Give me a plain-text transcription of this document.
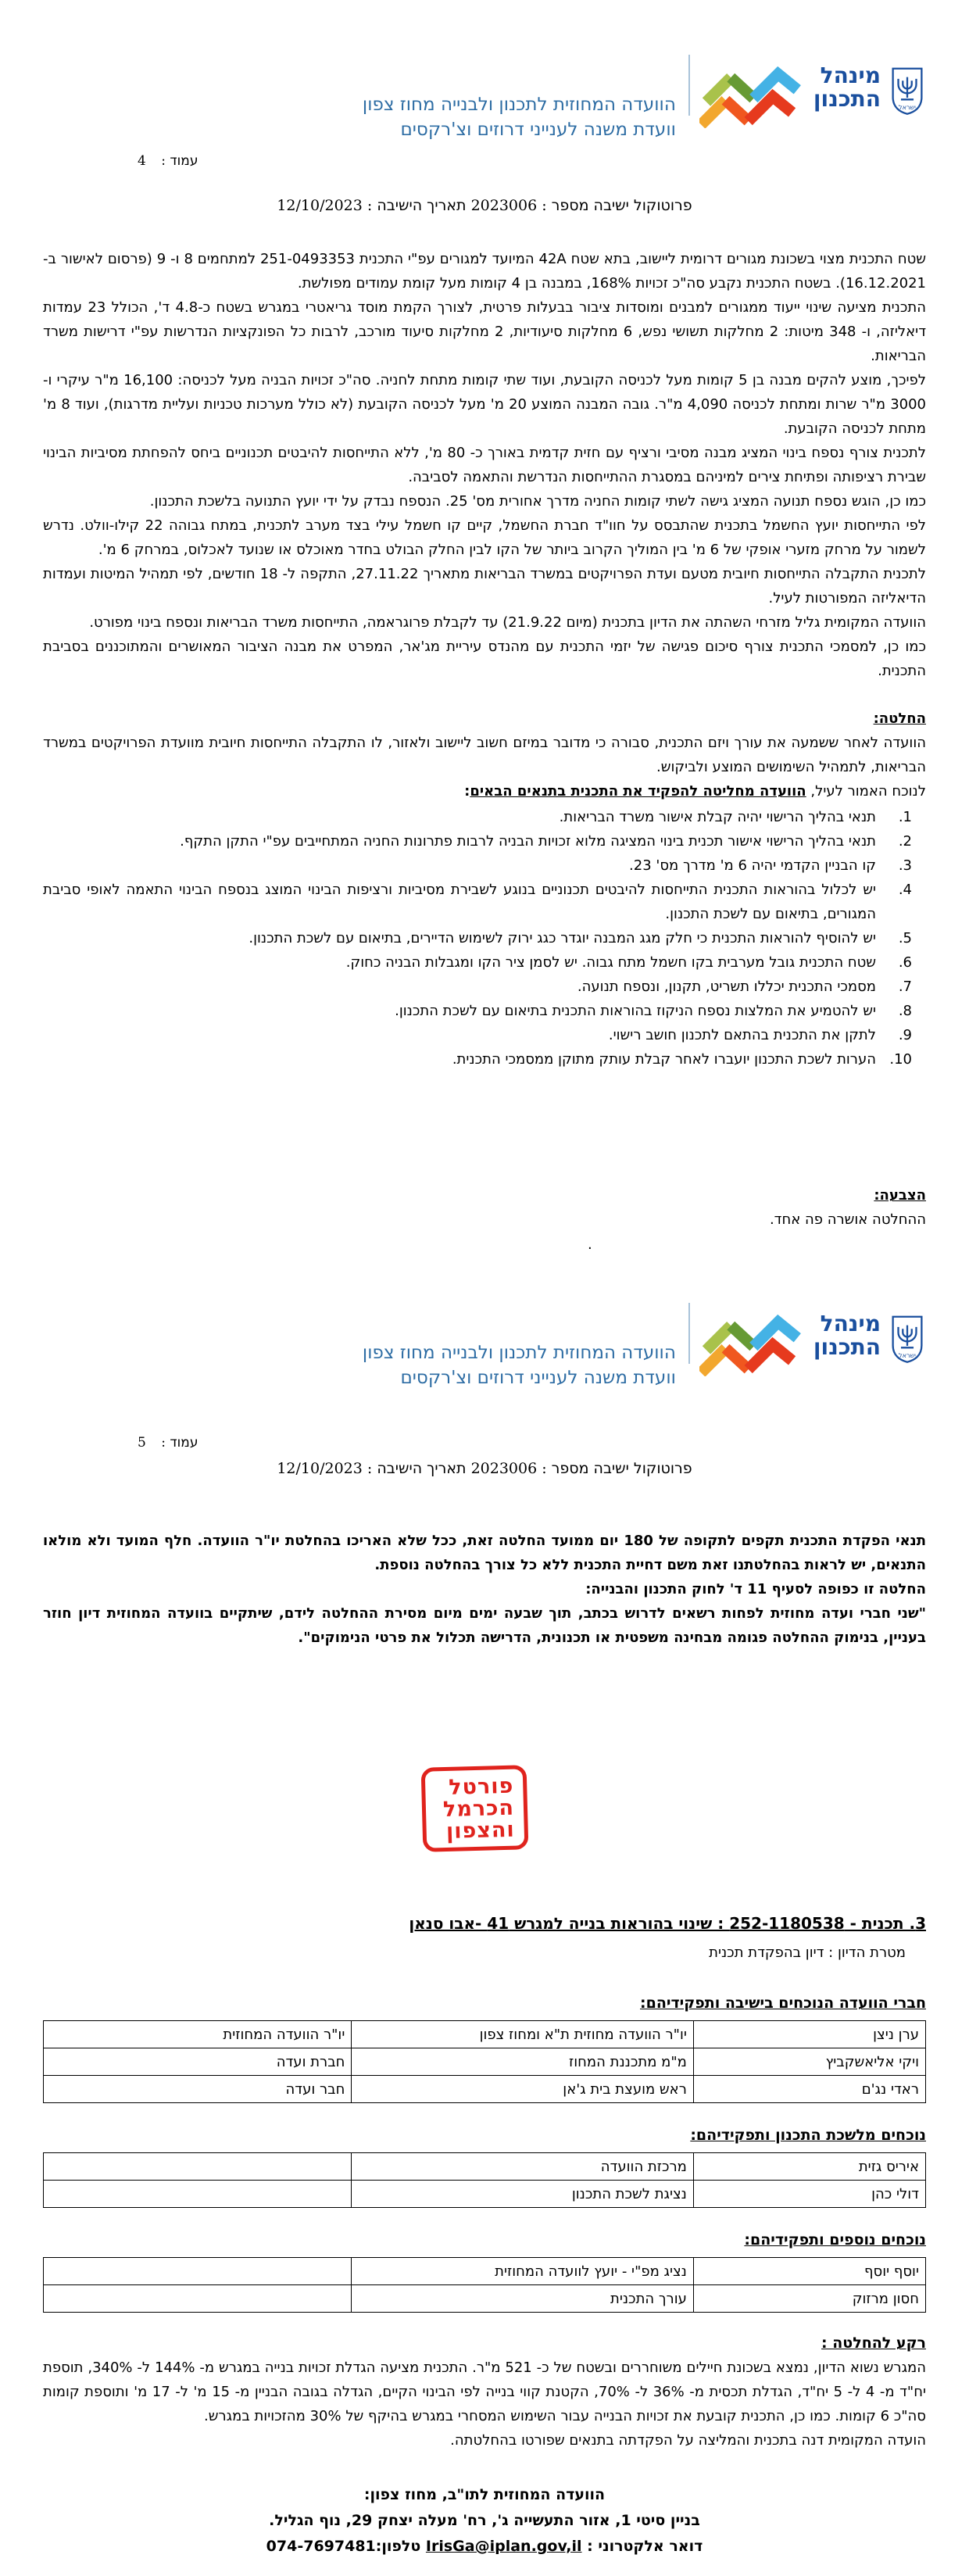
ישראל
מינהל
התכנון
הוועדה המחוזית לתכנון ולבנייה מחוז צפון
וועדת משנה לענייני דרוזים וצ'רקסים
עמוד : 4
פרוטוקול ישיבה מספר : 2023006 תאריך הישיבה : 12/10/2023

שטח התכנית מצוי בשכונת מגורים דרומית ליישוב, בתא שטח 42A המיועד למגורים עפ"י התכנית 251-0493353 למתחמים 8 ו- 9 (פרסום לאישור ב- 16.12.2021). בשטח התכנית נקבע סה"כ זכויות 168%, במבנה בן 4 קומות מעל קומת עמודים מפולשת.

התכנית מציעה שינוי ייעוד ממגורים למבנים ומוסדות ציבור בבעלות פרטית, לצורך הקמת מוסד גריאטרי במגרש בשטח כ-4.8 ד', הכולל 23 עמדות דיאליזה, ו- 348 מיטות: 2 מחלקות תשושי נפש, 6 מחלקות סיעודיות, 2 מחלקות סיעוד מורכב, לרבות כל הפונקציות הנדרשות עפ"י דרישות משרד הבריאות.

לפיכך, מוצע להקים מבנה בן 5 קומות מעל לכניסה הקובעת, ועוד שתי קומות מתחת לחניה. סה"כ זכויות הבניה מעל לכניסה: 16,100 מ"ר עיקרי ו- 3000 מ"ר שרות ומתחת לכניסה 4,090 מ"ר. גובה המבנה המוצע 20 מ' מעל לכניסה הקובעת (לא כולל מערכות טכניות ועליית מדרגות), ועוד 8 מ' מתחת לכניסה הקובעת.

לתכנית צורף נספח בינוי המציג מבנה מסיבי ורציף עם חזית קדמית באורך כ- 80 מ', ללא התייחסות להיבטים תכנוניים ביחס להפחתת מסיביות הבינוי שבירת רציפותה ופתיחת צירים למיניהם במסגרת ההתייחסות הנדרשת והתאמה לסביבה.

כמו כן, הוגש נספח תנועה המציג גישה לשתי קומות החניה מדרך אחורית מס' 25. הנספח נבדק על ידי יועץ התנועה בלשכת התכנון.

לפי התייחסות יועץ החשמל בתכנית שהתבסס על חוו"ד חברת החשמל, קיים קו חשמל עילי בצד מערב לתכנית, במתח גבוהה 22 קילו-וולט. נדרש לשמור על מרחק מזערי אופקי של 6 מ' בין המוליך הקרוב ביותר של הקו לבין החלק הבולט בחדר מאוכלס או שנועד לאכלוס, במרחק 6 מ'.

לתכנית התקבלה התייחסות חיובית מטעם ועדת הפרויקטים במשרד הבריאות מתאריך 27.11.22, התקפה ל- 18 חודשים, לפי תמהיל המיטות ועמדות הדיאליזה המפורטות לעיל.

הוועדה המקומית גליל מזרחי השהתה את הדיון בתכנית (מיום 21.9.22) עד לקבלת פרוגראמה, התייחסות משרד הבריאות ונספח בינוי מפורט.

כמו כן, למסמכי התכנית צורף סיכום פגישה של יזמי התכנית עם מהנדס עיריית מג'אר, המפרט את מבנה הציבור המאושרים והמתוכננים בסביבת התכנית.

החלטה:

הוועדה לאחר ששמעה את עורך ויזם התכנית, סבורה כי מדובר במיזם חשוב ליישוב ולאזור, לו התקבלה התייחסות חיובית מוועדת הפרויקטים במשרד הבריאות, לתמהיל השימושים המוצע ולביקוש.

לנוכח האמור לעיל, הוועדה מחליטה להפקיד את התכנית בתנאים הבאים:

1.
תנאי בהליך הרישוי יהיה קבלת אישור משרד הבריאות.
2.
תנאי בהליך הרישוי אישור תכנית בינוי המציגה מלוא זכויות הבניה לרבות פתרונות החניה המתחייבים עפ"י התקן התקף.
3.
קו הבניין הקדמי יהיה 6 מ' מדרך מס' 23.
4.
יש לכלול בהוראות התכנית התייחסות להיבטים תכנוניים בנוגע לשבירת מסיביות ורציפות הבינוי המוצג בנספח הבינוי התאמה לאופי סביבת המגורים, בתיאום עם לשכת התכנון.
5.
יש להוסיף להוראות התכנית כי חלק מגג המבנה יוגדר כגג ירוק לשימוש הדיירים, בתיאום עם לשכת התכנון.
6.
שטח התכנית גובל מערבית בקו חשמל מתח גבוה. יש לסמן ציר הקו ומגבלות הבניה כחוק.
7.
מסמכי התכנית יכללו תשריט, תקנון, ונספח תנועה.
8.
יש להטמיע את המלצות נספח הניקוז בהוראות התכנית בתיאום עם לשכת התכנון.
9.
לתקן את התכנית בהתאם לתכנון חושב רישוי.
10.
הערות לשכת התכנון יועברו לאחר קבלת עותק מתוקן ממסמכי התכנית.
הצבעה:
ההחלטה אושרה פה אחד.
.
ישראל
מינהל
התכנון
הוועדה המחוזית לתכנון ולבנייה מחוז צפון
וועדת משנה לענייני דרוזים וצ'רקסים
עמוד : 5
פרוטוקול ישיבה מספר : 2023006 תאריך הישיבה : 12/10/2023

תנאי הפקדת התכנית תקפים לתקופה של 180 יום ממועד החלטה זאת, ככל שלא האריכו בהחלטת יו"ר הוועדה. חלף המועד ולא מולאו התנאים, יש לראות בהחלטתנו זאת משם דחיית התכנית ללא כל צורך בהחלטה נוספת.

החלטה זו כפופה לסעיף 11 ד' לחוק התכנון והבנייה:

"שני חברי ועדה מחוזית לפחות רשאים לדרוש בכתב, תוך שבעה ימים מיום מסירת ההחלטה לידם, שיתקיים בוועדה המחוזית דיון חוזר בעניין, בנימוק ההחלטה פגומה מבחינה משפטית או תכנונית, הדרישה תכלול את פרטי הנימוקים".

פורטל
הכרמל
והצפון
3. תכנית - 252-1180538 : שינוי בהוראות בנייה למגרש 41 -אבו סנאן
מטרת הדיון : דיון בהפקדת תכנית
חברי הוועדה הנוכחים בישיבה ותפקידיהם:
ערן ניצן	יו"ר הוועדה מחוזית ת"א ומחוז צפון	יו"ר הוועדה המחוזית
ויקי אליאשקביץ	מ"מ מתכננת המחוז	חברת ועדה
ראדי נג'ם	ראש מועצת בית ג'אן	חבר ועדה
נוכחים מלשכת התכנון ותפקידיהם:
איריס גזית	מרכזת הוועדה	
דולי כהן	נציגת לשכת התכנון	
נוכחים נוספים ותפקידיהם:
יוסף יוסף	נציג מפ"י - יועץ לוועדה המחוזית	
חסון מרזוק	עורך התכנית	
רקע להחלטה :

המגרש נשוא הדיון, נמצא בשכונת חיילים משוחררים ובשטח של כ- 521 מ"ר. התכנית מציעה הגדלת זכויות בנייה במגרש מ- 144% ל- 340%, תוספת יח"ד מ- 4 ל- 5 יח"ד, הגדלת תכסית מ- 36% ל- 70%, הקטנת קווי בנייה לפי הבינוי הקיים, הגדלה בגובה הבניין מ- 15 מ' ל- 17 מ' ותוספת קומות סה"כ 6 קומות. כמו כן, התכנית קובעת את זכויות הבנייה עבור השימוש המסחרי במגרש בהיקף של 30% מהזכויות במגרש.

הועדה המקומית דנה בתכנית והמליצה על הפקדתה בתנאים שפורטו בהחלטתה.

הוועדה המחוזית לתו"ב, מחוז צפון:
בניין סיטי 1, אזור התעשייה ג', רח' מעלה יצחק 29, נוף הגליל.
דואר אלקטרוני : IrisGa@iplan.gov,il טלפון:074-7697481
